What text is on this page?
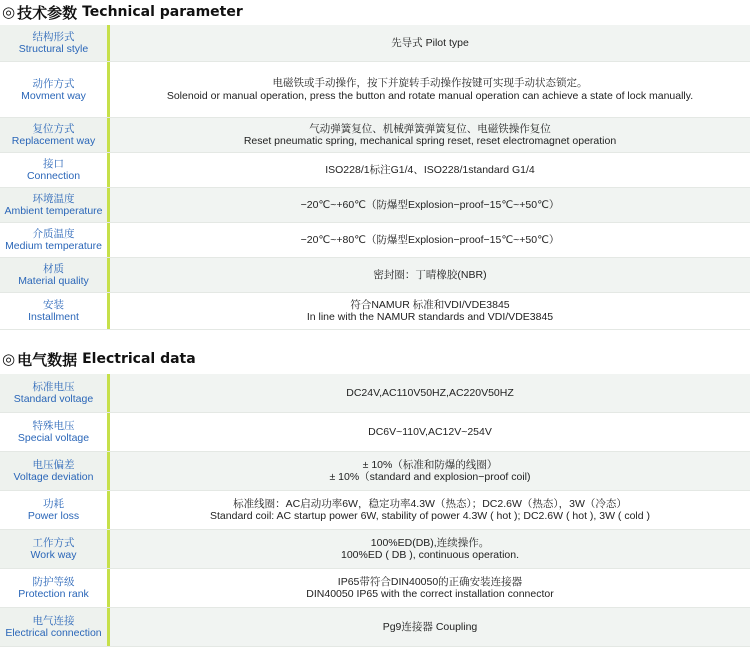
◎ 技术参数 Technical parameter
结构形式
Structural style
先导式 Pilot type
动作方式
Movment way
电磁铁或手动操作，按下并旋转手动操作按键可实现手动状态锁定。
Solenoid or manual operation, press the button and rotate manual operation can achieve a state of lock manually.
复位方式
Replacement way
气动弹簧复位、机械弹簧弹簧复位、电磁铁操作复位
Reset pneumatic spring, mechanical spring reset, reset electromagnet operation
接口
Connection
ISO228/1标注G1/4、ISO228/1standard G1/4
环境温度
Ambient temperature
−20℃~+60℃（防爆型Explosion−proof−15℃~+50℃）
介质温度
Medium temperature
−20℃~+80℃（防爆型Explosion−proof−15℃~+50℃）
材质
Material quality
密封圈：丁晴橡胶(NBR)
安装
Installment
符合NAMUR 标准和VDI/VDE3845
In line with the NAMUR standards and VDI/VDE3845
◎ 电气数据 Electrical data
标准电压
Standard voltage
DC24V,AC110V50HZ,AC220V50HZ
特殊电压
Special voltage
DC6V~110V,AC12V~254V
电压偏差
Voltage deviation
± 10%（标准和防爆的线圈）
± 10%（standard and explosion−proof coil)
功耗
Power loss
标准线圈：AC启动功率6W，稳定功率4.3W（热态）；DC2.6W（热态），3W（冷态）
Standard coil: AC startup power 6W, stability of power 4.3W ( hot ); DC2.6W ( hot ), 3W ( cold )
工作方式
Work way
100%ED(DB),连续操作。
100%ED ( DB ), continuous operation.
防护等级
Protection rank
IP65带符合DIN40050的正确安装连接器
DIN40050 IP65 with the correct installation connector
电气连接
Electrical connection
Pg9连接器 Coupling
